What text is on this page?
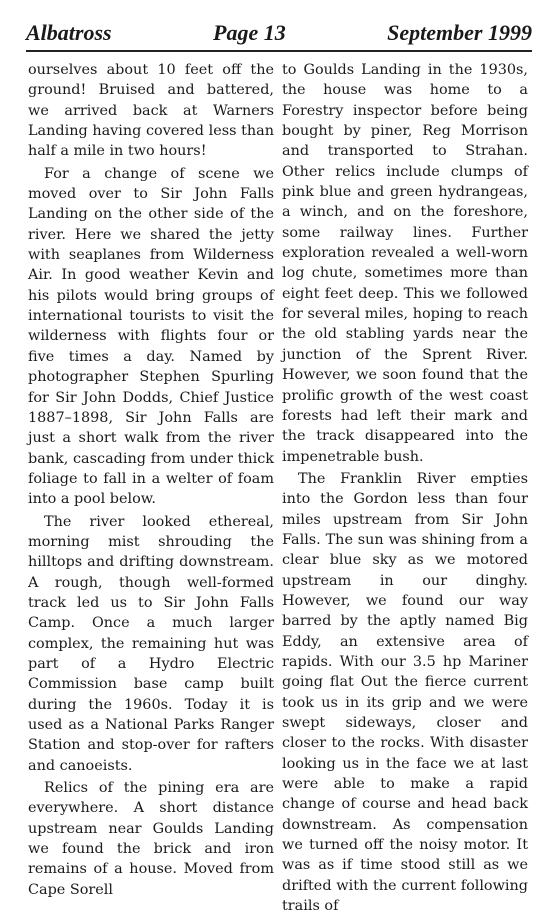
Albatross	Page 13	September 1999

ourselves about 10 feet off the ground! Bruised and battered, we arrived back at Warners Landing having covered less than half a mile in two hours!

For a change of scene we moved over to Sir John Falls Landing on the other side of the river. Here we shared the jetty with seaplanes from Wilderness Air. In good weather Kevin and his pilots would bring groups of international tourists to visit the wilderness with flights four or five times a day. Named by photographer Stephen Spurling for Sir John Dodds, Chief Justice 1887–1898, Sir John Falls are just a short walk from the river bank, cascading from under thick foliage to fall in a welter of foam into a pool below.

The river looked ethereal, morning mist shrouding the hilltops and drifting downstream. A rough, though well-formed track led us to Sir John Falls Camp. Once a much larger complex, the remaining hut was part of a Hydro Electric Commission base camp built during the 1960s. Today it is used as a National Parks Ranger Station and stop-over for rafters and canoeists.

Relics of the pining era are everywhere. A short distance upstream near Goulds Landing we found the brick and iron remains of a house. Moved from Cape Sorell

to Goulds Landing in the 1930s, the house was home to a Forestry inspector before being bought by piner, Reg Morrison and transported to Strahan. Other relics include clumps of pink blue and green hydrangeas, a winch, and on the foreshore, some railway lines. Further exploration revealed a well-worn log chute, sometimes more than eight feet deep. This we followed for several miles, hoping to reach the old stabling yards near the junction of the Sprent River. However, we soon found that the prolific growth of the west coast forests had left their mark and the track disappeared into the impenetrable bush.

The Franklin River empties into the Gordon less than four miles upstream from Sir John Falls. The sun was shining from a clear blue sky as we motored upstream in our dinghy. However, we found our way barred by the aptly named Big Eddy, an extensive area of rapids. With our 3.5 hp Mariner going flat Out the fierce current took us in its grip and we were swept sideways, closer and closer to the rocks. With disaster looking us in the face we at last were able to make a rapid change of course and head back downstream. As compensation we turned off the noisy motor. It was as if time stood still as we drifted with the current following trails of
